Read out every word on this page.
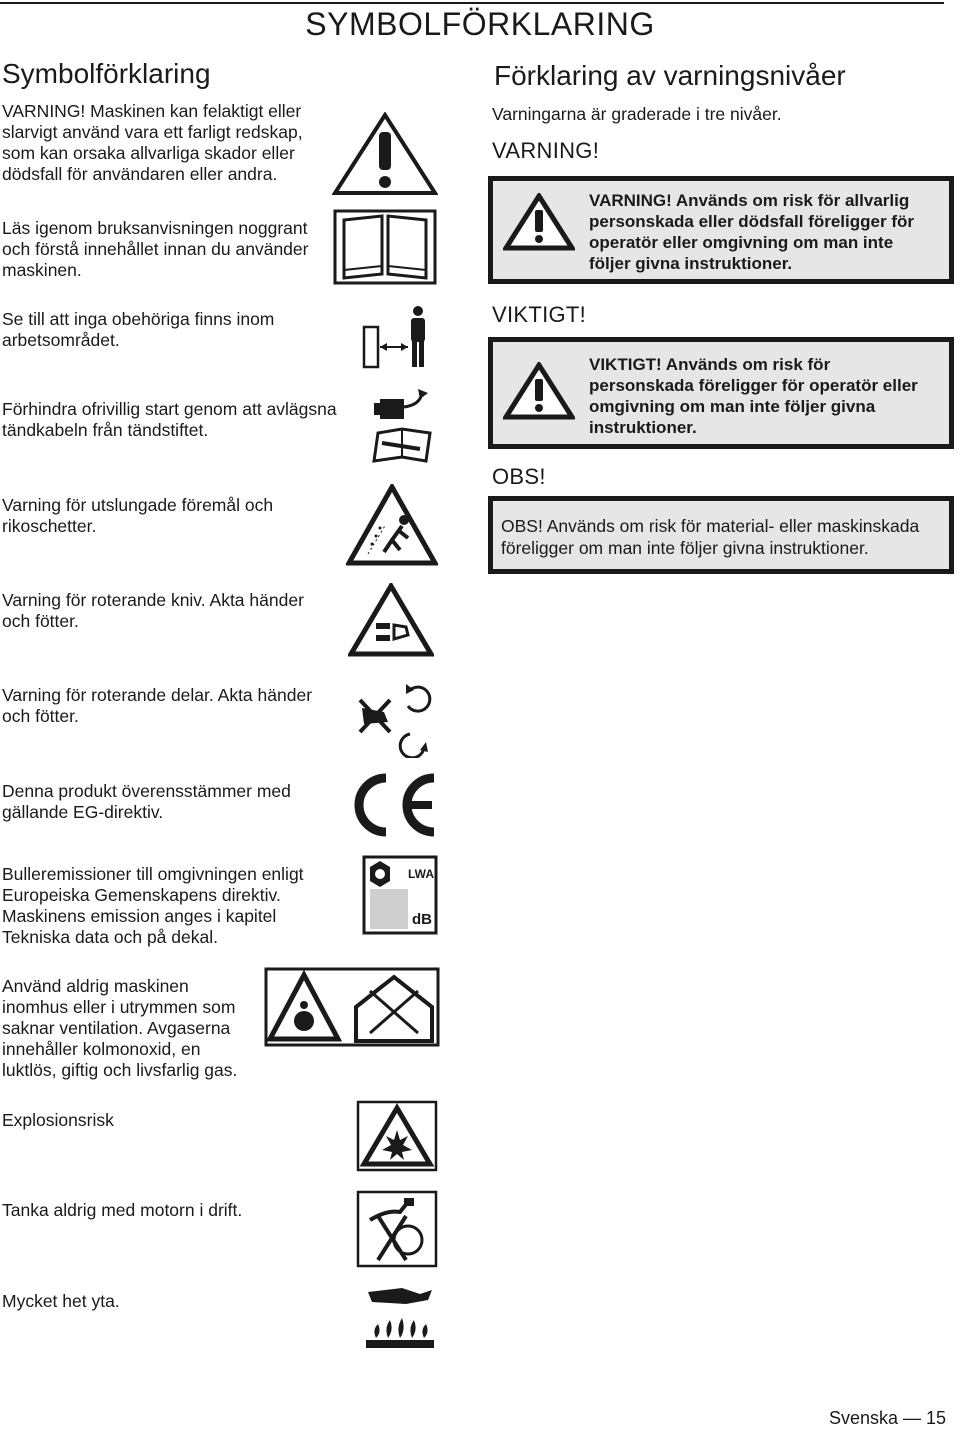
SYMBOLFÖRKLARING
Symbolförklaring
VARNING! Maskinen kan felaktigt eller slarvigt använd vara ett farligt redskap, som kan orsaka allvarliga skador eller dödsfall för användaren eller andra.
Läs igenom bruksanvisningen noggrant och förstå innehållet innan du använder maskinen.
Se till att inga obehöriga finns inom arbetsområdet.
Förhindra ofrivillig start genom att avlägsna tändkabeln från tändstiftet.
Varning för utslungade föremål och rikoschetter.
Varning för roterande kniv. Akta händer och fötter.
Varning för roterande delar. Akta händer och fötter.
Denna produkt överensstämmer med gällande EG-direktiv.
Bulleremissioner till omgivningen enligt Europeiska Gemenskapens direktiv. Maskinens emission anges i kapitel Tekniska data och på dekal.
Använd aldrig maskinen inomhus eller i utrymmen som saknar ventilation. Avgaserna innehåller kolmonoxid, en luktlös, giftig och livsfarlig gas.
Explosionsrisk
Tanka aldrig med motorn i drift.
Mycket het yta.
LWA
dB
Förklaring av varningsnivåer
Varningarna är graderade i tre nivåer.
VARNING!
VARNING! Används om risk för allvarlig personskada eller dödsfall föreligger för operatör eller omgivning om man inte följer givna instruktioner.
VIKTIGT!
VIKTIGT! Används om risk för personskada föreligger för operatör eller omgivning om man inte följer givna instruktioner.
OBS!
OBS! Används om risk för material- eller maskinskada föreligger om man inte följer givna instruktioner.
Svenska — 15
